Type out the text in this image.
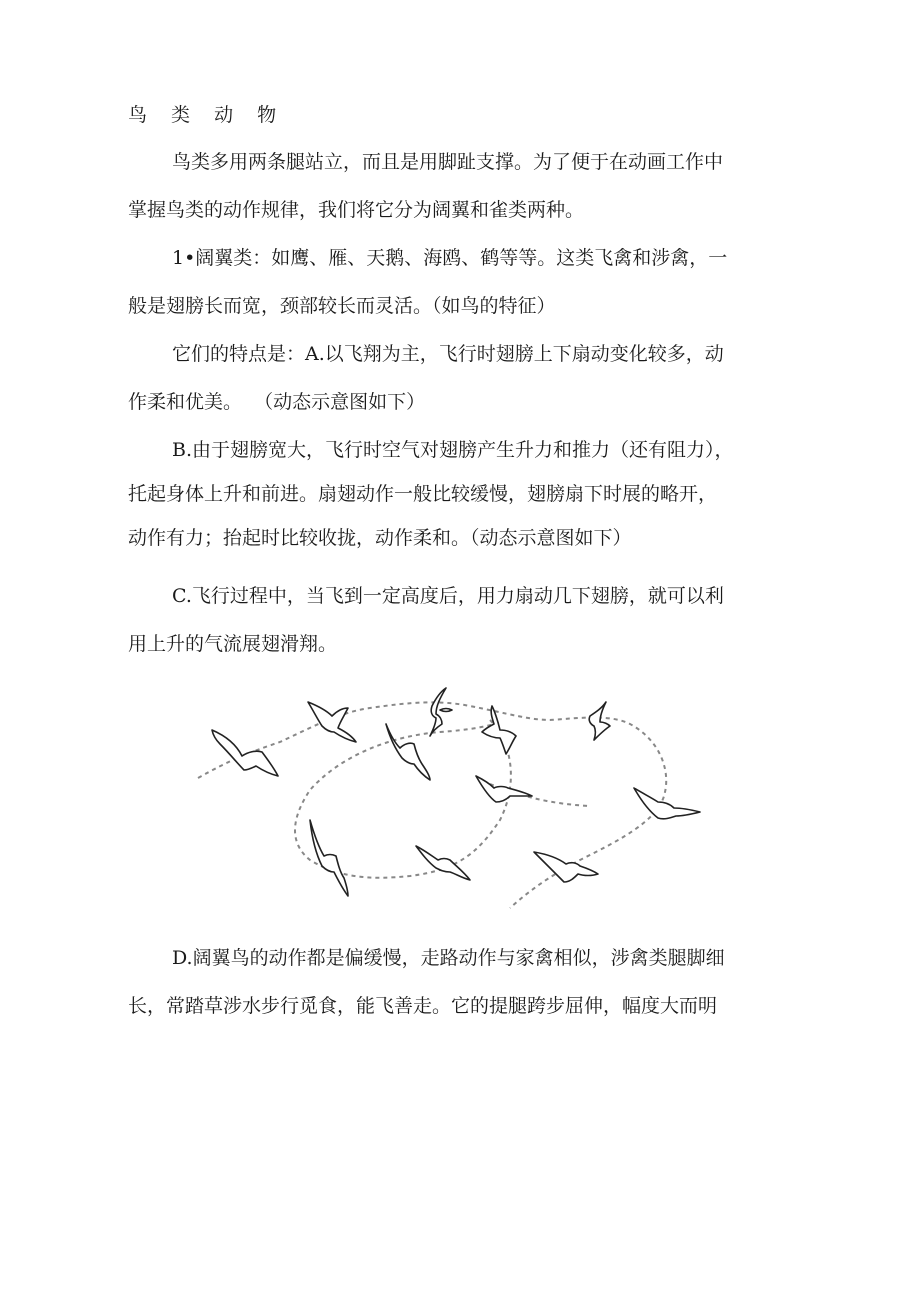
鸟 类 动 物

鸟类多用两条腿站立，而且是用脚趾支撑。为了便于在动画工作中
掌握鸟类的动作规律，我们将它分为阔翼和雀类两种。

1•阔翼类：如鹰、雁、天鹅、海鸥、鹤等等。这类飞禽和涉禽，一
般是翅膀长而宽，颈部较长而灵活。（如鸟的特征）

它们的特点是：A.以飞翔为主，飞行时翅膀上下扇动变化较多，动
作柔和优美。  （动态示意图如下）

B.由于翅膀宽大，飞行时空气对翅膀产生升力和推力（还有阻力），
托起身体上升和前进。扇翅动作一般比较缓慢，翅膀扇下时展的略开，
动作有力；抬起时比较收拢，动作柔和。（动态示意图如下）

C.飞行过程中，当飞到一定高度后，用力扇动几下翅膀，就可以利
用上升的气流展翅滑翔。

D.阔翼鸟的动作都是偏缓慢，走路动作与家禽相似，涉禽类腿脚细
长，常踏草涉水步行觅食，能飞善走。它的提腿跨步屈伸，幅度大而明
